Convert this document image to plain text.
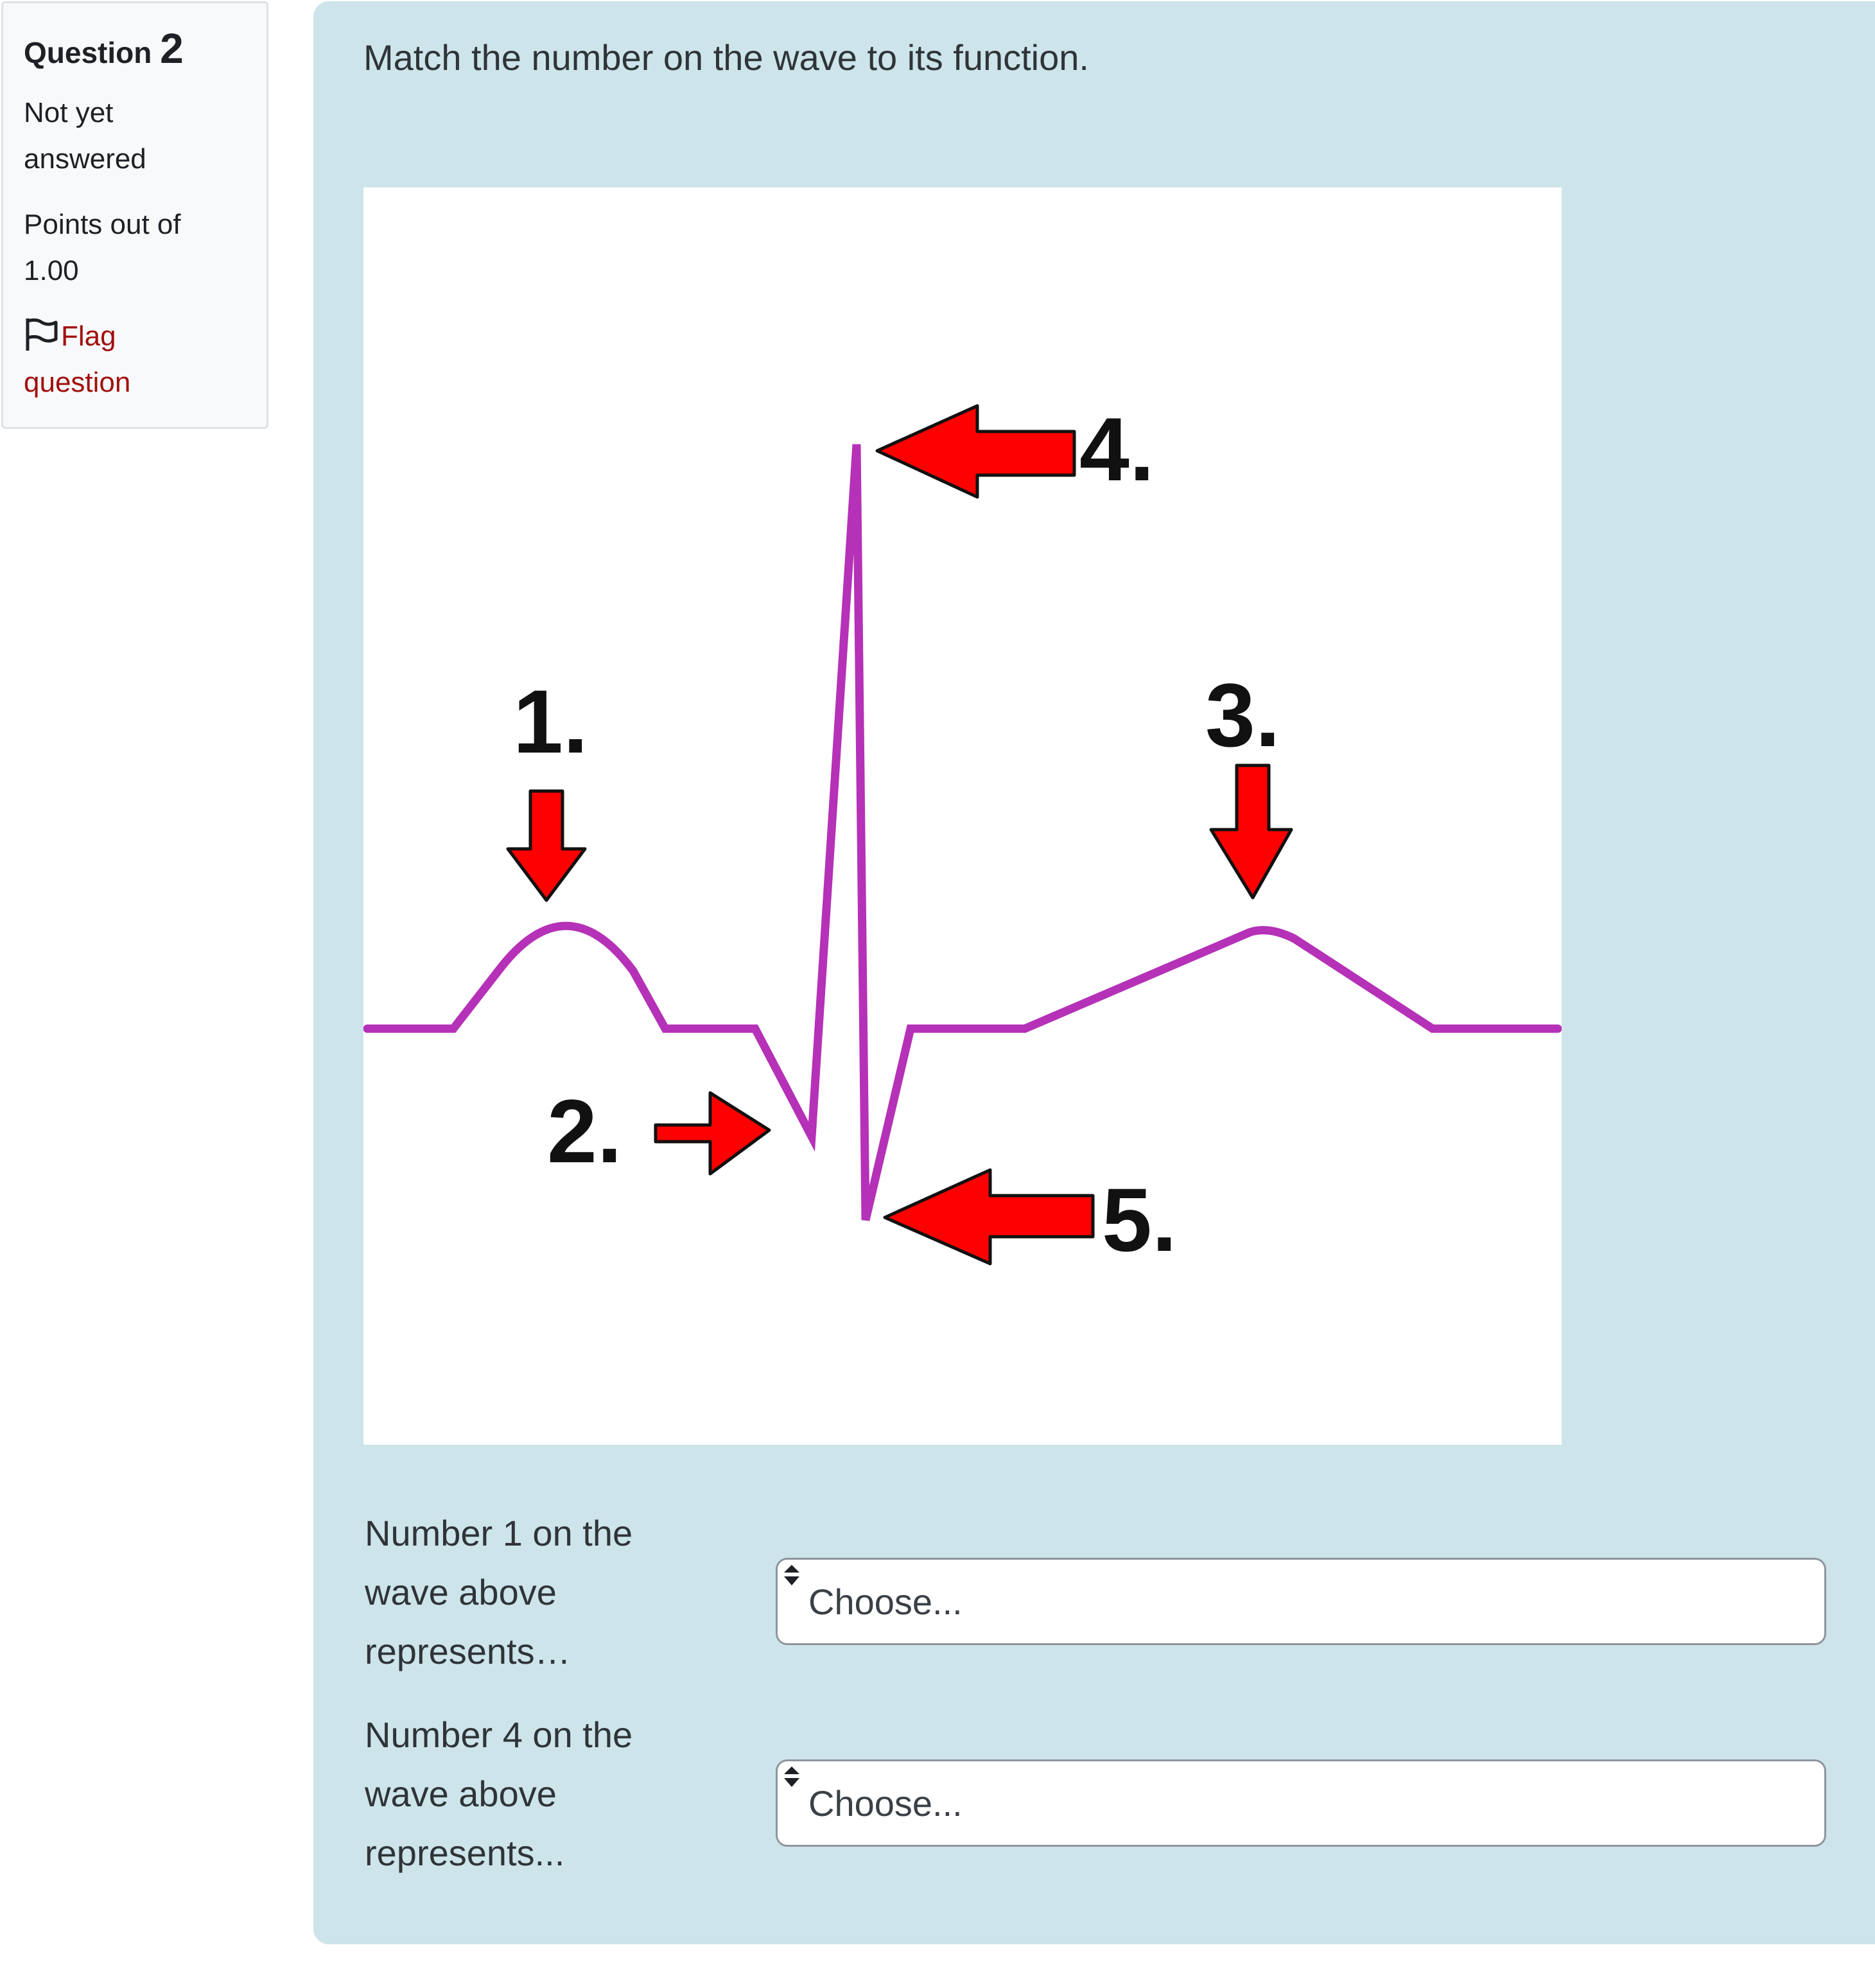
Question 2
Not yet answered
Points out of 1.00
Flag question
Match the number on the wave to its function.
1.
2.
3.
4.
5.
Number 1 on the wave above represents…
Choose...
Number 4 on the wave above represents...
Choose...
